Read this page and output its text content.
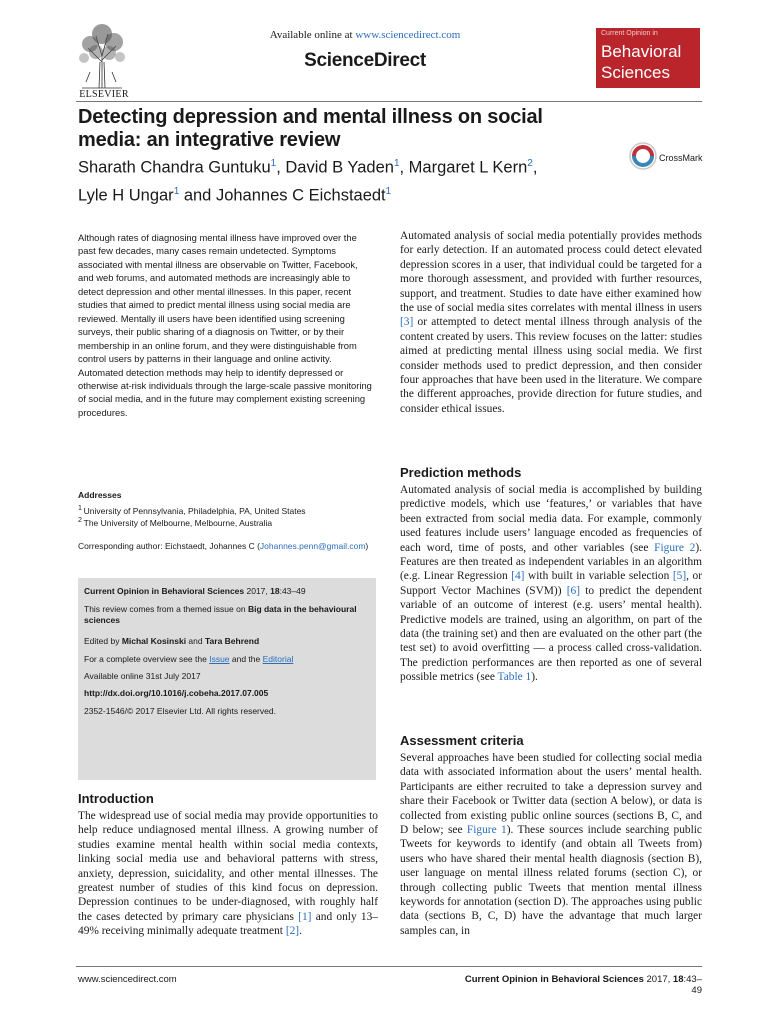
ELSEVIER
Available online at www.sciencedirect.com
ScienceDirect
Current Opinion in
Behavioral
Sciences
Detecting depression and mental illness on social
media: an integrative review
Sharath Chandra Guntuku$^1$, David B Yaden$^1$, Margaret L Kern$^2$,
Lyle H Ungar$^1$ and Johannes C Eichstaedt$^1$
CrossMark
Although rates of diagnosing mental illness have improved over the past few decades, many cases remain undetected. Symptoms associated with mental illness are observable on Twitter, Facebook, and web forums, and automated methods are increasingly able to detect depression and other mental illnesses. In this paper, recent studies that aimed to predict mental illness using social media are reviewed. Mentally ill users have been identified using screening surveys, their public sharing of a diagnosis on Twitter, or by their membership in an online forum, and they were distinguishable from control users by patterns in their language and online activity. Automated detection methods may help to identify depressed or otherwise at-risk individuals through the large-scale passive monitoring of social media, and in the future may complement existing screening procedures.
Addresses
$^1$  University of Pennsylvania, Philadelphia, PA, United States
$^2$  The University of Melbourne, Melbourne, Australia
Corresponding author: Eichstaedt, Johannes C (Johannes.penn@gmail.com)
Current Opinion in Behavioral Sciences 2017, 18:43–49
This review comes from a themed issue on Big data in the behavioural sciences
Edited by Michal Kosinski and Tara Behrend
For a complete overview see the Issue and the Editorial
Available online 31st July 2017
http://dx.doi.org/10.1016/j.cobeha.2017.07.005
2352-1546/© 2017 Elsevier Ltd. All rights reserved.
Introduction
The widespread use of social media may provide opportunities to help reduce undiagnosed mental illness. A growing number of studies examine mental health within social media contexts, linking social media use and behavioral patterns with stress, anxiety, depression, suicidality, and other mental illnesses. The greatest number of studies of this kind focus on depression. Depression continues to be under-diagnosed, with roughly half the cases detected by primary care physicians [1] and only 13–49% receiving minimally adequate treatment [2].
Automated analysis of social media potentially provides methods for early detection. If an automated process could detect elevated depression scores in a user, that individual could be targeted for a more thorough assessment, and provided with further resources, support, and treatment. Studies to date have either examined how the use of social media sites correlates with mental illness in users [3] or attempted to detect mental illness through analysis of the content created by users. This review focuses on the latter: studies aimed at predicting mental illness using social media. We first consider methods used to predict depression, and then consider four approaches that have been used in the literature. We compare the different approaches, provide direction for future studies, and consider ethical issues.
Prediction methods
Automated analysis of social media is accomplished by building predictive models, which use ‘features,’ or variables that have been extracted from social media data. For example, commonly used features include users’ language encoded as frequencies of each word, time of posts, and other variables (see Figure 2). Features are then treated as independent variables in an algorithm (e.g. Linear Regression [4] with built in variable selection [5], or Support Vector Machines (SVM)) [6] to predict the dependent variable of an outcome of interest (e.g. users’ mental health). Predictive models are trained, using an algorithm, on part of the data (the training set) and then are evaluated on the other part (the test set) to avoid overfitting — a process called cross-validation. The prediction performances are then reported as one of several possible metrics (see Table 1).
Assessment criteria
Several approaches have been studied for collecting social media data with associated information about the users’ mental health. Participants are either recruited to take a depression survey and share their Facebook or Twitter data (section A below), or data is collected from existing public online sources (sections B, C, and D below; see Figure 1). These sources include searching public Tweets for keywords to identify (and obtain all Tweets from) users who have shared their mental health diagnosis (section B), user language on mental illness related forums (section C), or through collecting public Tweets that mention mental illness keywords for annotation (section D). The approaches using public data (sections B, C, D) have the advantage that much larger samples can, in
www.sciencedirect.com	Current Opinion in Behavioral Sciences 2017, 18:43–49
